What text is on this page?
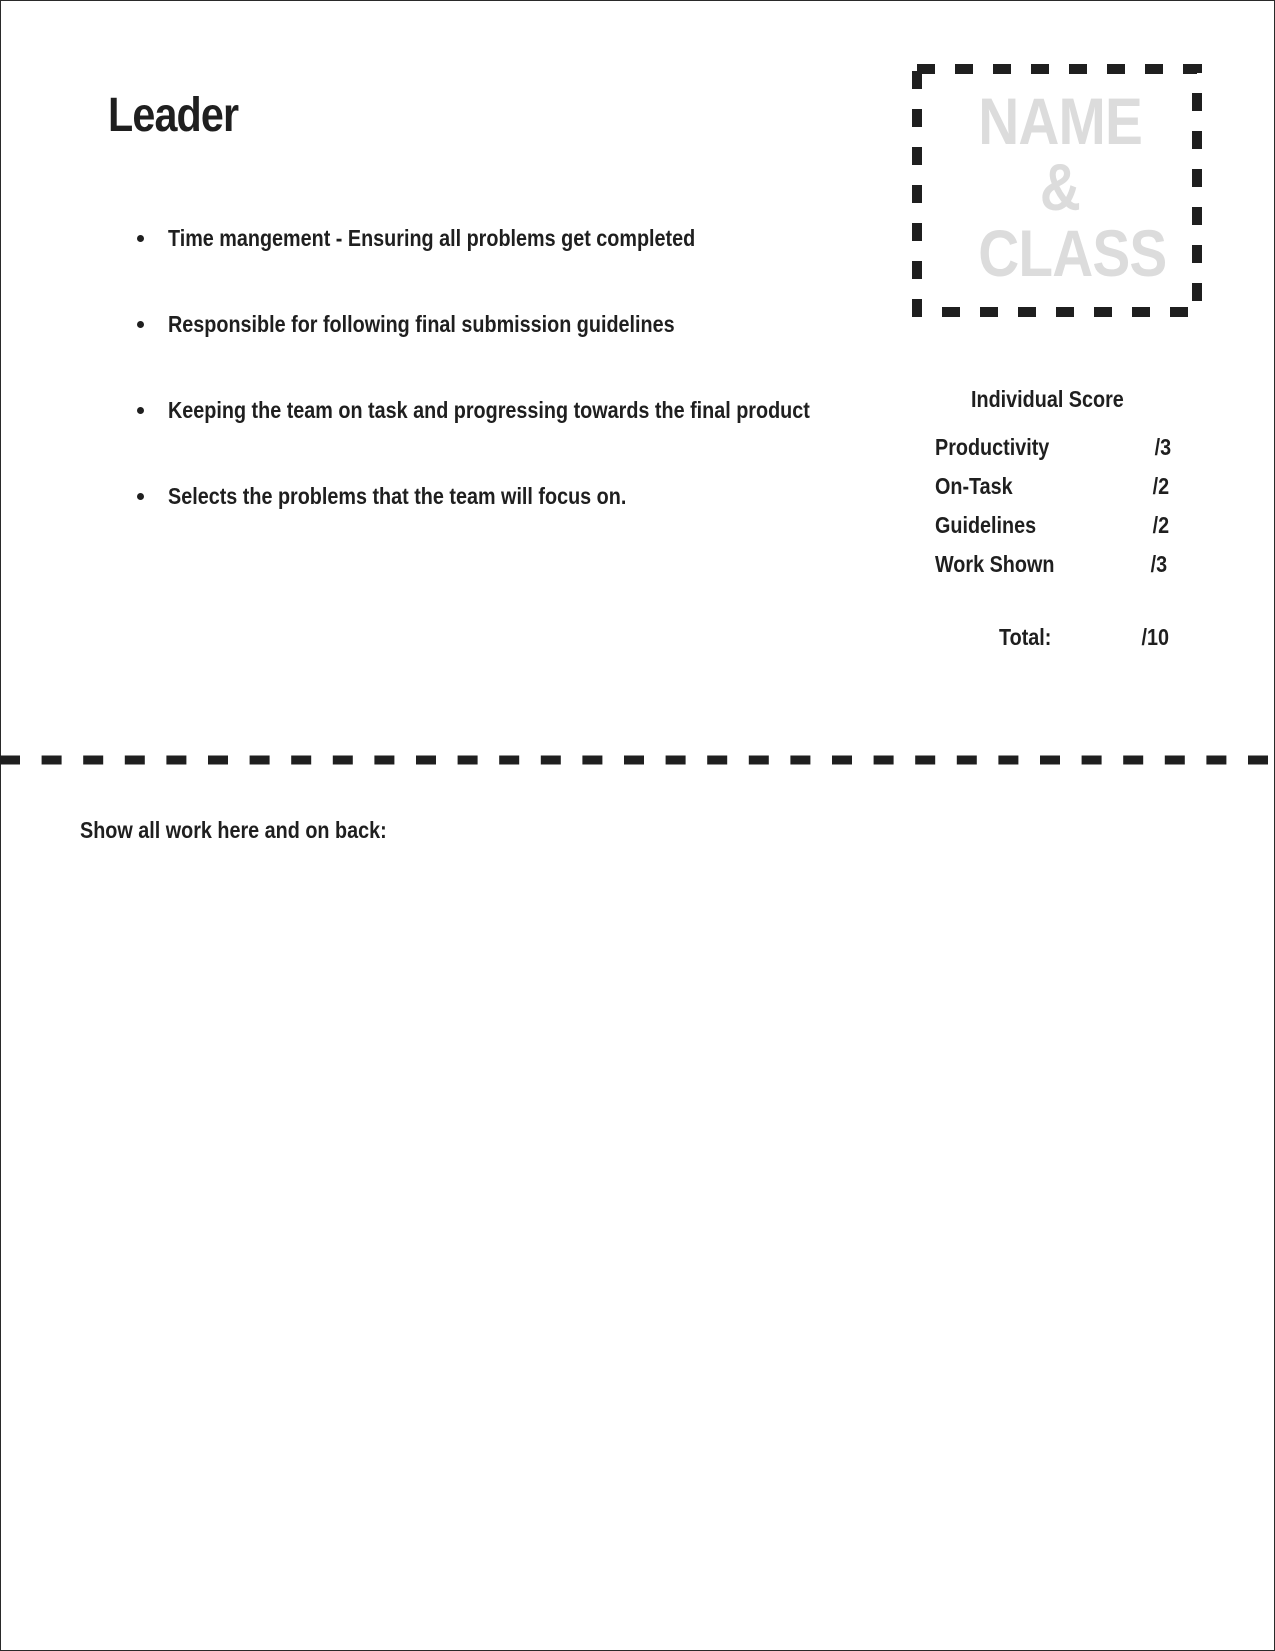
Leader
Time mangement - Ensuring all problems get completed
Responsible for following final submission guidelines
Keeping the team on task and progressing towards the final product
Selects the problems that the team will focus on.
NAME
&
CLASS
Individual Score
Productivity	/3
On-Task	/2
Guidelines	/2
Work Shown	/3
Total:	/10

Show all work here and on back:
